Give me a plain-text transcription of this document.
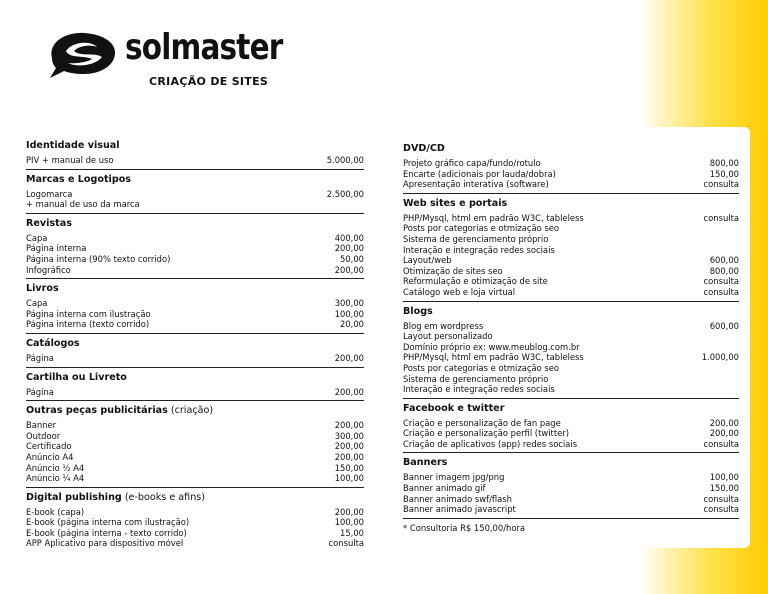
solmaster
CRIAÇÃO DE SITES
Identidade visual
PIV + manual de uso	5.000,00
Marcas e Logotipos
Logomarca	2.500,00
+ manual de uso da marca
Revistas
Capa	400,00
Página interna	200,00
Página interna (90% texto corrido)	50,00
Infográfico	200,00
Livros
Capa	300,00
Página interna com ilustração	100,00
Página interna (texto corrido)	20,00
Catálogos
Página	200,00
Cartilha ou Livreto
Página	200,00
Outras peças publicitárias (criação)
Banner	200,00
Outdoor	300,00
Certificado	200,00
Anúncio A4	200,00
Anúncio ½ A4	150,00
Anúncio ¼ A4	100,00
Digital publishing (e-books e afins)
E-book (capa)	200,00
E-book (página interna com ilustração)	100,00
E-book (página interna - texto corrido)	15,00
APP Aplicativo para dispositivo móvel	consulta
DVD/CD
Projeto gráfico capa/fundo/rotulo	800,00
Encarte (adicionais por lauda/dobra)	150,00
Apresentação interativa (software)	consulta
Web sites e portais
PHP/Mysql, html em padrão W3C, tableless	consulta
Posts por categorias e otmização seo
Sistema de gerenciamento próprio
Interação e integração redes sociais
Layout/web	600,00
Otimização de sites seo	800,00
Reformulação e otimização de site	consulta
Catálogo web e loja virtual	consulta
Blogs
Blog em wordpress	600,00
Layout personalizado
Domínio próprio ex: www.meublog.com.br
PHP/Mysql, html em padrão W3C, tableless	1.000,00
Posts por categorias e otmização seo
Sistema de gerenciamento próprio
Interação e integração redes sociais
Facebook e twitter
Criação e personalização de fan page	200,00
Criação e personalização perfil (twitter)	200,00
Criação de aplicativos (app) redes sociais	consulta
Banners
Banner imagem jpg/png	100,00
Banner animado gif	150,00
Banner animado swf/flash	consulta
Banner animado javascript	consulta
* Consultoria R$ 150,00/hora
